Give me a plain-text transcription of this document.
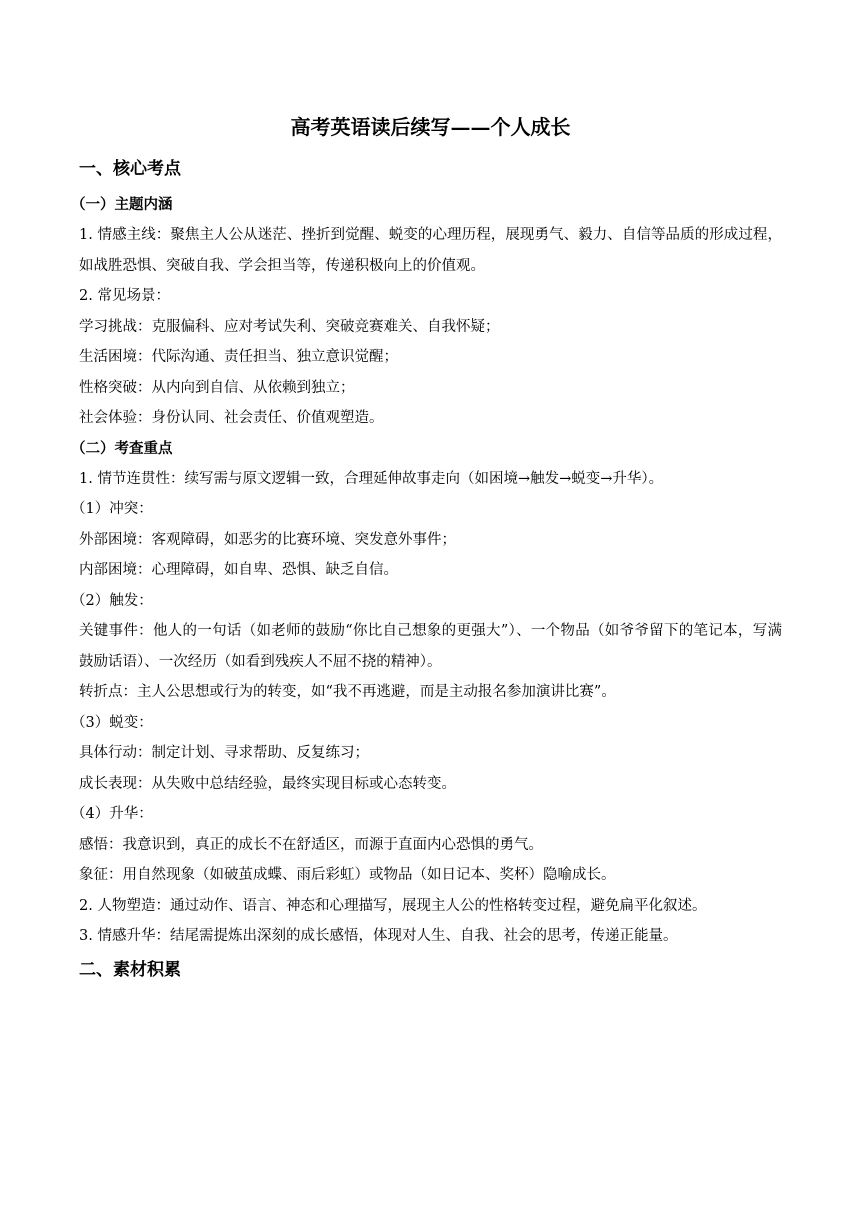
高考英语读后续写——个人成长
一、核心考点
（一）主题内涵

1. 情感主线：聚焦主人公从迷茫、挫折到觉醒、蜕变的心理历程，展现勇气、毅力、自信等品质的形成过程，如战胜恐惧、突破自我、学会担当等，传递积极向上的价值观。

2. 常见场景：

学习挑战：克服偏科、应对考试失利、突破竞赛难关、自我怀疑；

生活困境：代际沟通、责任担当、独立意识觉醒；

性格突破：从内向到自信、从依赖到独立；

社会体验：身份认同、社会责任、价值观塑造。

（二）考查重点

1. 情节连贯性：续写需与原文逻辑一致，合理延伸故事走向（如困境→触发→蜕变→升华）。

（1）冲突：

外部困境：客观障碍，如恶劣的比赛环境、突发意外事件；

内部困境：心理障碍，如自卑、恐惧、缺乏自信。

（2）触发：

关键事件：他人的一句话（如老师的鼓励“你比自己想象的更强大”）、一个物品（如爷爷留下的笔记本，写满鼓励话语）、一次经历（如看到残疾人不屈不挠的精神）。

转折点：主人公思想或行为的转变，如“我不再逃避，而是主动报名参加演讲比赛”。

（3）蜕变：

具体行动：制定计划、寻求帮助、反复练习；

成长表现：从失败中总结经验，最终实现目标或心态转变。

（4）升华：

感悟：我意识到，真正的成长不在舒适区，而源于直面内心恐惧的勇气。

象征：用自然现象（如破茧成蝶、雨后彩虹）或物品（如日记本、奖杯）隐喻成长。

2. 人物塑造：通过动作、语言、神态和心理描写，展现主人公的性格转变过程，避免扁平化叙述。

3. 情感升华：结尾需提炼出深刻的成长感悟，体现对人生、自我、社会的思考，传递正能量。

二、素材积累
